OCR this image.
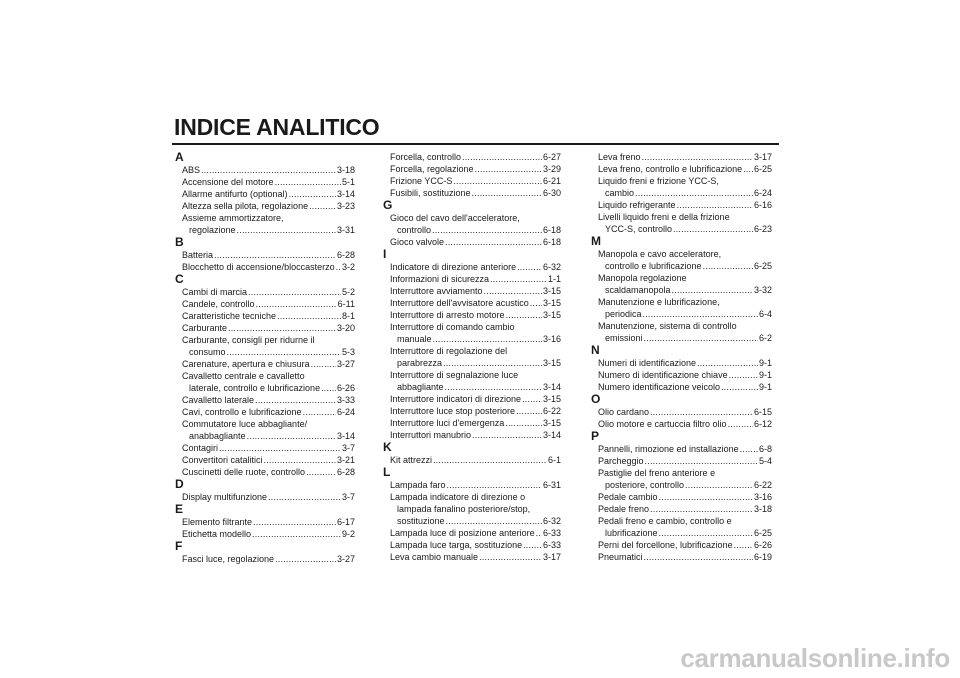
INDICE ANALITICO
A
ABS .....	3-18
Accensione del motore .....	5-1
Allarme antifurto (optional) .....	3-14
Altezza sella pilota, regolazione .....	3-23
Assieme ammortizzatore,
regolazione .....	3-31
B
Batteria .....	6-28
Blocchetto di accensione/bloccasterzo ..... 3-2
C
Cambi di marcia .....	5-2
Candele, controllo .....	6-11
Caratteristiche tecniche .....	8-1
Carburante .....	3-20
Carburante, consigli per ridurne il
consumo .....	5-3
Carenature, apertura e chiusura .....	3-27
Cavalletto centrale e cavalletto
laterale, controllo e lubrificazione ..... 6-26
Cavalletto laterale .....	3-33
Cavi, controllo e lubrificazione .....	6-24
Commutatore luce abbagliante/
anabbagliante .....	3-14
Contagiri .....	3-7
Convertitori catalitici .....	3-21
Cuscinetti delle ruote, controllo .....	6-28
D
Display multifunzione .....	3-7
E
Elemento filtrante .....	6-17
Etichetta modello .....	9-2
F
Fasci luce, regolazione .....	3-27
Forcella, controllo .....	6-27
Forcella, regolazione .....	3-29
Frizione YCC-S .....	6-21
Fusibili, sostituzione .....	6-30
G
Gioco del cavo dell'acceleratore,
controllo .....	6-18
Gioco valvole .....	6-18
I
Indicatore di direzione anteriore .....	6-32
Informazioni di sicurezza .....	1-1
Interruttore avviamento .....	3-15
Interruttore dell'avvisatore acustico ..... 3-15
Interruttore di arresto motore .....	3-15
Interruttore di comando cambio
manuale .....	3-16
Interruttore di regolazione del
parabrezza .....	3-15
Interruttore di segnalazione luce
abbagliante .....	3-14
Interruttore indicatori di direzione ..... 3-15
Interruttore luce stop posteriore .....	6-22
Interruttore luci d'emergenza .....	3-15
Interruttori manubrio .....	3-14
K
Kit attrezzi .....	6-1
L
Lampada faro .....	6-31
Lampada indicatore di direzione o
lampada fanalino posteriore/stop,
sostituzione .....	6-32
Lampada luce di posizione anteriore ..... 6-33
Lampada luce targa, sostituzione ..... 6-33
Leva cambio manuale .....	3-17
Leva freno .....	3-17
Leva freno, controllo e lubrificazione ..... 6-25
Liquido freni e frizione YCC-S,
cambio .....	6-24
Liquido refrigerante .....	6-16
Livelli liquido freni e della frizione
YCC-S, controllo .....	6-23
M
Manopola e cavo acceleratore,
controllo e lubrificazione .....	6-25
Manopola regolazione
scaldamanopola .....	3-32
Manutenzione e lubrificazione,
periodica .....	6-4
Manutenzione, sistema di controllo
emissioni .....	6-2
N
Numeri di identificazione .....	9-1
Numero di identificazione chiave .....	9-1
Numero identificazione veicolo .....	9-1
O
Olio cardano .....	6-15
Olio motore e cartuccia filtro olio .....	6-12
P
Pannelli, rimozione ed installazione ..... 6-8
Parcheggio .....	5-4
Pastiglie del freno anteriore e
posteriore, controllo .....	6-22
Pedale cambio .....	3-16
Pedale freno .....	3-18
Pedali freno e cambio, controllo e
lubrificazione .....	6-25
Perni del forcellone, lubrificazione ..... 6-26
Pneumatici .....	6-19
carmanualsonline.info
